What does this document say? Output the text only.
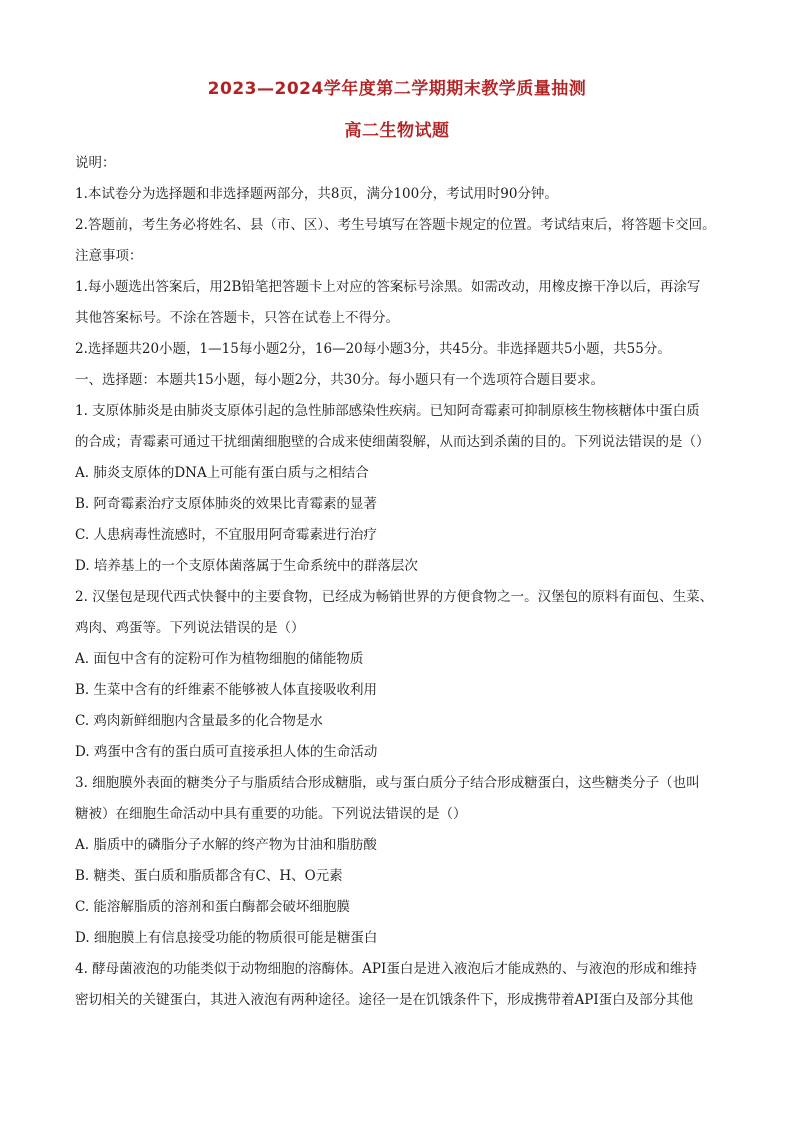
2023—2024学年度第二学期期末教学质量抽测
高二生物试题
说明：
1.本试卷分为选择题和非选择题两部分，共8页，满分100分，考试用时90分钟。
2.答题前，考生务必将姓名、县（市、区）、考生号填写在答题卡规定的位置。考试结束后，将答题卡交回。
注意事项：
1.每小题选出答案后，用2B铅笔把答题卡上对应的答案标号涂黑。如需改动，用橡皮擦干净以后，再涂写
其他答案标号。不涂在答题卡，只答在试卷上不得分。
2.选择题共20小题，1—15每小题2分，16—20每小题3分，共45分。非选择题共5小题，共55分。
一、选择题：本题共15小题，每小题2分，共30分。每小题只有一个选项符合题目要求。
1. 支原体肺炎是由肺炎支原体引起的急性肺部感染性疾病。已知阿奇霉素可抑制原核生物核糖体中蛋白质
的合成；青霉素可通过干扰细菌细胞壁的合成来使细菌裂解，从而达到杀菌的目的。下列说法错误的是（）
A. 肺炎支原体的DNA上可能有蛋白质与之相结合
B. 阿奇霉素治疗支原体肺炎的效果比青霉素的显著
C. 人患病毒性流感时，不宜服用阿奇霉素进行治疗
D. 培养基上的一个支原体菌落属于生命系统中的群落层次
2. 汉堡包是现代西式快餐中的主要食物，已经成为畅销世界的方便食物之一。汉堡包的原料有面包、生菜、
鸡肉、鸡蛋等。下列说法错误的是（）
A. 面包中含有的淀粉可作为植物细胞的储能物质
B. 生菜中含有的纤维素不能够被人体直接吸收利用
C. 鸡肉新鲜细胞内含量最多的化合物是水
D. 鸡蛋中含有的蛋白质可直接承担人体的生命活动
3. 细胞膜外表面的糖类分子与脂质结合形成糖脂，或与蛋白质分子结合形成糖蛋白，这些糖类分子（也叫
糖被）在细胞生命活动中具有重要的功能。下列说法错误的是（）
A. 脂质中的磷脂分子水解的终产物为甘油和脂肪酸
B. 糖类、蛋白质和脂质都含有C、H、O元素
C. 能溶解脂质的溶剂和蛋白酶都会破坏细胞膜
D. 细胞膜上有信息接受功能的物质很可能是糖蛋白
4. 酵母菌液泡的功能类似于动物细胞的溶酶体。API蛋白是进入液泡后才能成熟的、与液泡的形成和维持
密切相关的关键蛋白，其进入液泡有两种途径。途径一是在饥饿条件下，形成携带着API蛋白及部分其他
